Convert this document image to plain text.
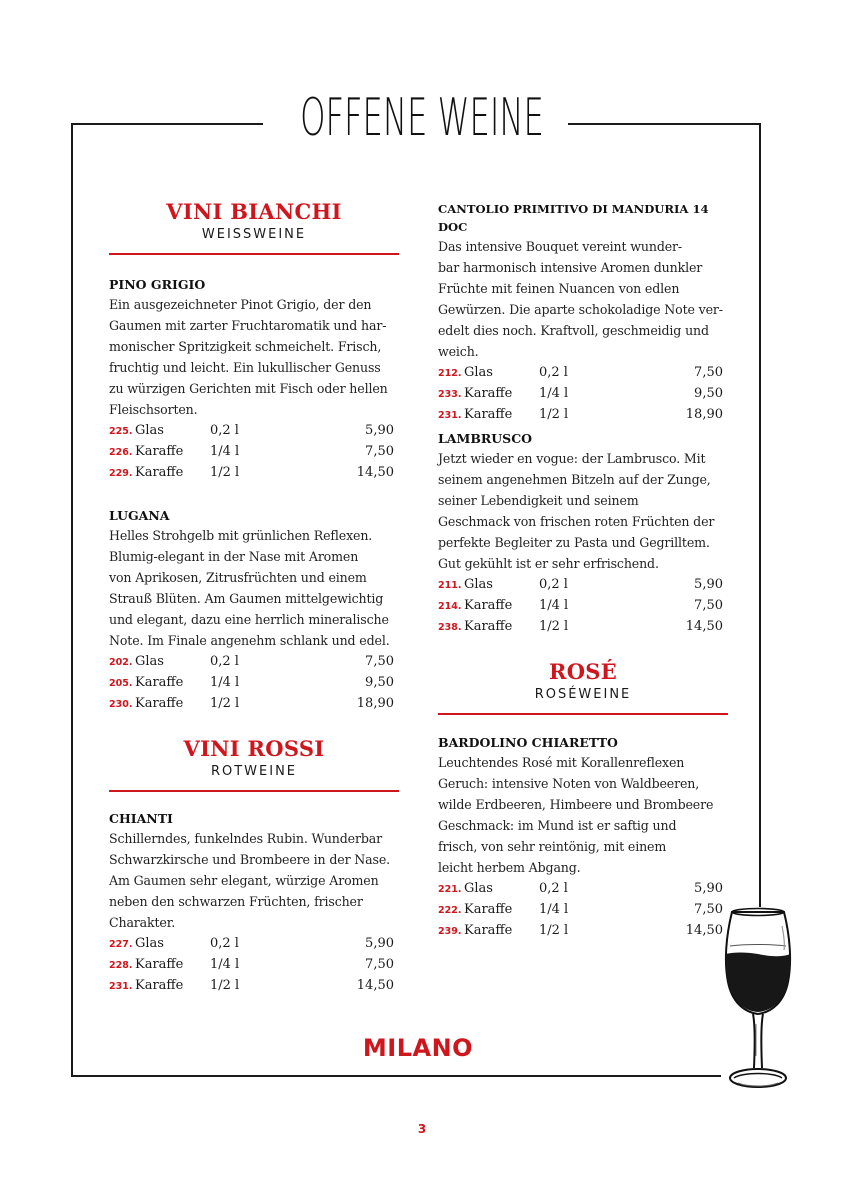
OFFENE WEINE
VINI BIANCHI
WEISSWEINE
PINO GRIGIO
Ein ausgezeichneter Pinot Grigio, der den
Gaumen mit zarter Fruchtaromatik und har-
monischer Spritzigkeit schmeichelt. Frisch,
fruchtig und leicht. Ein lukullischer Genuss
zu würzigen Gerichten mit Fisch oder hellen
Fleischsorten.
225. Glas	0,2 l	5,90
226. Karaffe 1/4 l	7,50
229. Karaffe 1/2 l	14,50
LUGANA
Helles Strohgelb mit grünlichen Reflexen.
Blumig-elegant in der Nase mit Aromen
von Aprikosen, Zitrusfrüchten und einem
Strauß Blüten. Am Gaumen mittelgewichtig
und elegant, dazu eine herrlich mineralische
Note. Im Finale angenehm schlank und edel.
202. Glas	0,2 l	7,50
205. Karaffe 1/4 l	9,50
230. Karaffe 1/2 l	18,90
VINI ROSSI
ROTWEINE
CHIANTI
Schillerndes, funkelndes Rubin. Wunderbar
Schwarzkirsche und Brombeere in der Nase.
Am Gaumen sehr elegant, würzige Aromen
neben den schwarzen Früchten, frischer
Charakter.
227. Glas	0,2 l	5,90
228. Karaffe 1/4 l	7,50
231. Karaffe 1/2 l	14,50
CANTOLIO PRIMITIVO DI MANDURIA 14 DOC
Das intensive Bouquet vereint wunder-
bar harmonisch intensive Aromen dunkler
Früchte mit feinen Nuancen von edlen
Gewürzen. Die aparte schokoladige Note ver-
edelt dies noch. Kraftvoll, geschmeidig und
weich.
212. Glas	0,2 l	7,50
233. Karaffe 1/4 l	9,50
231. Karaffe 1/2 l	18,90
LAMBRUSCO
Jetzt wieder en vogue: der Lambrusco. Mit
seinem angenehmen Bitzeln auf der Zunge,
seiner Lebendigkeit und seinem
Geschmack von frischen roten Früchten der
perfekte Begleiter zu Pasta und Gegrilltem.
Gut gekühlt ist er sehr erfrischend.
211. Glas	0,2 l	5,90
214. Karaffe 1/4 l	7,50
238. Karaffe 1/2 l	14,50
ROSÉ
ROSÉWEINE
BARDOLINO CHIARETTO
Leuchtendes Rosé mit Korallenreflexen
Geruch: intensive Noten von Waldbeeren,
wilde Erdbeeren, Himbeere und Brombeere
Geschmack: im Mund ist er saftig und
frisch, von sehr reintönig, mit einem
leicht herbem Abgang.
221. Glas	0,2 l	5,90
222. Karaffe 1/4 l	7,50
239. Karaffe 1/2 l	14,50
MILANO
3
